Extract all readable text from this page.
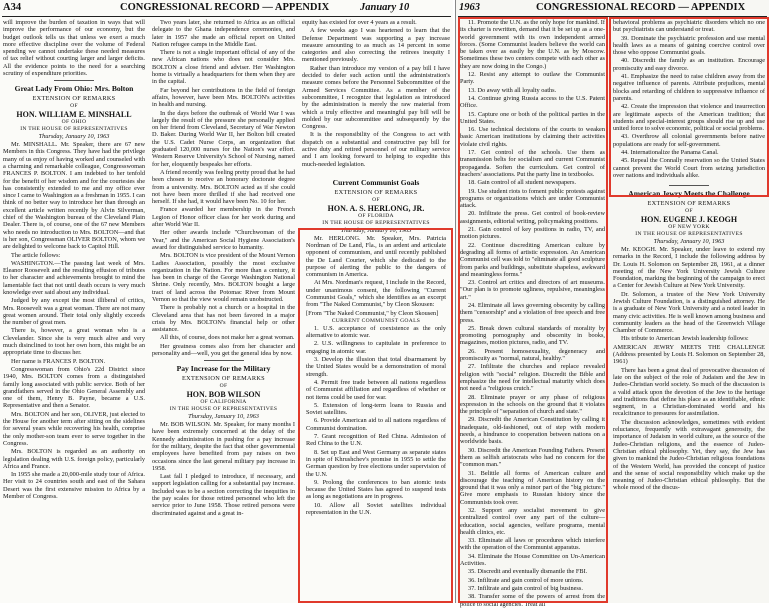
A34	CONGRESSIONAL RECORD — APPENDIX	January 10

will improve the burden of taxation in ways that will improve the performance of our economy, but the budget outlook tells us that unless we exert a much more effective discipline over the volume of Federal spending we cannot undertake these needed measures of tax relief without courting larger and larger deficits. All the evidence points to the need for a searching scrutiny of expenditure priorities.

Great Lady From Ohio: Mrs. Bolton
EXTENSION OF REMARKS
OF
HON. WILLIAM E. MINSHALL
OF OHIO
IN THE HOUSE OF REPRESENTATIVES
Thursday, January 10, 1963

Mr. MINSHALL. Mr. Speaker, there are 67 new Members in this Congress. They have had the privilege many of us enjoy of having worked and counseled with a charming and remarkable colleague, Congresswoman FRANCES P. BOLTON. I am indebted to her tenfold for the benefit of her wisdom and for the courtesies she has consistently extended to me and my office ever since I came to Washington as a freshman in 1955. I can think of no better way to introduce her than through an excellent article written recently by Alvin Silverman, chief of the Washington bureau of the Cleveland Plain Dealer. There is, of course, one of the 67 new Members who needs no introduction to Mrs. BOLTON—and that is her son, Congressman OLIVER BOLTON, whom we are delighted to welcome back to Capitol Hill.

The article follows:

WASHINGTON.—The passing last week of Mrs. Eleanor Roosevelt and the resulting effusion of tributes to her character and achievements brought to mind the lamentable fact that not until death occurs is very much knowledge ever said about any individual.

Judged by any except the most illiberal of critics, Mrs. Roosevelt was a great woman. There are not many great women around. Their total only slightly exceeds the number of great men.

There is, however, a great woman who is a Clevelander. Since she is very much alive and very much disinclined to toot her own horn, this might be an appropriate time to discuss her.

Her name is FRANCES P. BOLTON.

Congresswoman from Ohio's 22d District since 1940, Mrs. BOLTON comes from a distinguished family long associated with public service. Both of her grandfathers served in the Ohio General Assembly and one of them, Henry B. Payne, became a U.S. Representative and then a Senator.

Mrs. BOLTON and her son, OLIVER, just elected to the House for another term after sitting on the sidelines for several years while recovering his health, comprise the only mother-son team ever to serve together in the Congress.

Mrs. BOLTON is regarded as an authority on legislation dealing with U.S. foreign policy, particularly Africa and France.

In 1955 she made a 20,000-mile study tour of Africa. Her visit to 24 countries south and east of the Sahara Desert was the first extensive mission to Africa by a Member of Congress.

Two years later, she returned to Africa as an official delegate to the Ghana independence ceremonies, and later in 1957 she made an official report on United Nation refugee camps in the Middle East.

There is not a single important official of any of the new African nations who does not consider Mrs. BOLTON a close friend and adviser. Her Washington home is virtually a headquarters for them when they are in the capital.

Far beyond her contributions in the field of foreign affairs, however, have been Mrs. BOLTON's activities in health and nursing.

In the days before the outbreak of World War I was largely the result of the pressure she personally applied on her friend from Cleveland, Secretary of War Newton D. Baker. During World War II, her Bolton bill created the U.S. Cadet Nurse Corps, an organization that graduated 120,000 nurses for the Nation's war effort. Western Reserve University's School of Nursing, named for her, eloquently bespeaks her efforts.

A friend recently was feeling pretty proud that he had been chosen to receive an honorary doctorate degree from a university. Mrs. BOLTON acted as if she could not have been more thrilled if she had received one herself. If she had, it would have been No. 10 for her.

France awarded her membership in the French Legion of Honor officer class for her work during and after World War II.

Her other awards include "Churchwoman of the Year," and the American Social Hygiene Association's award for distinguished service to humanity.

Mrs. BOLTON is vice president of the Mount Vernon Ladies Association, possibly the most exclusive organization in the Nation. For more than a century, it has been in charge of the George Washington National Shrine. Only recently, Mrs. BOLTON bought a large tract of land across the Potomac River from Mount Vernon so that the view would remain unobstructed.

There is probably not a church or a hospital in the Cleveland area that has not been favored in a major crisis by Mrs. BOLTON's financial help or other assistance.

All this, of course, does not make her a great woman.

Her greatness comes also from her character and personality and—well, you get the general idea by now.

Pay Increase for the Military
EXTENSION OF REMARKS
OF
HON. BOB WILSON
OF CALIFORNIA
IN THE HOUSE OF REPRESENTATIVES
Thursday, January 10, 1963

Mr. BOB WILSON. Mr. Speaker, for many months I have been extremely concerned at the delay of the Kennedy administration in pushing for a pay increase for the military, despite the fact that other governmental employees have benefited from pay raises on two occasions since the last general military pay increase in 1958.

Last fall I pledged to introduce, if necessary, and support legislation calling for a substantial pay increase. Included was to be a section correcting the inequities in the pay scales for those retired personnel who left the service prior to June 1958. Those retired persons were discriminated against and a great in-

equity has existed for over 4 years as a result.

A few weeks ago I was heartened to learn that the Defense Department was supporting a pay increase measure amounting to as much as 14 percent in some categories and also correcting the retirees inequity I mentioned previously.

Rather than introduce my version of a pay bill I have decided to defer such action until the administration's measure comes before the Personnel Subcommittee of the Armed Services Committee. As a member of the subcommittee, I recognize that legislation as introduced by the administration is merely the raw material from which a truly effective and meaningful pay bill will be molded by our subcommittee and subsequently by the Congress.

It is the responsibility of the Congress to act with dispatch on a substantial and constructive pay bill for active duty and retired personnel of our military service and I am looking forward to helping to expedite this much-needed legislation.

Current Communist Goals
EXTENSION OF REMARKS
OF
HON. A. S. HERLONG, JR.
OF FLORIDA
IN THE HOUSE OF REPRESENTATIVES
Thursday, January 10, 1963

Mr. HERLONG. Mr. Speaker, Mrs. Patricia Nordman of De Land, Fla., is an ardent and articulate opponent of communism, and until recently published the De Land Courier, which she dedicated to the purpose of alerting the public to the dangers of communism in America.

At Mrs. Nordman's request, I include in the Record, under unanimous consent, the following "Current Communist Goals," which she identifies as an excerpt from "The Naked Communist," by Cleon Skousen:

[From "The Naked Communist," by Cleon Skousen]

CURRENT COMMUNIST GOALS

1. U.S. acceptance of coexistence as the only alternative to atomic war.

2. U.S. willingness to capitulate in preference to engaging in atomic war.

3. Develop the illusion that total disarmament by the United States would be a demonstration of moral strength.

4. Permit free trade between all nations regardless of Communist affiliation and regardless of whether or not items could be used for war.

5. Extension of long-term loans to Russia and Soviet satellites.

6. Provide American aid to all nations regardless of Communist domination.

7. Grant recognition of Red China. Admission of Red China to the U.N.

8. Set up East and West Germany as separate states in spite of Khrushchev's promise in 1955 to settle the German question by free elections under supervision of the U.N.

9. Prolong the conferences to ban atomic tests because the United States has agreed to suspend tests as long as negotiations are in progress.

10. Allow all Soviet satellites individual representation in the U.N.

1963	CONGRESSIONAL RECORD — APPENDIX

11. Promote the U.N. as the only hope for mankind. If its charter is rewritten, demand that it be set up as a one-world government with its own independent armed forces. (Some Communist leaders believe the world can be taken over as easily by the U.N. as by Moscow. Sometimes these two centers compete with each other as they are now doing in the Congo.)

12. Resist any attempt to outlaw the Communist Party.

13. Do away with all loyalty oaths.

14. Continue giving Russia access to the U.S. Patent Office.

15. Capture one or both of the political parties in the United States.

16. Use technical decisions of the courts to weaken basic American institutions by claiming their activities violate civil rights.

17. Get control of the schools. Use them as transmission belts for socialism and current Communist propaganda. Soften the curriculum. Get control of teachers' associations. Put the party line in textbooks.

18. Gain control of all student newspapers.

19. Use student riots to foment public protests against programs or organizations which are under Communist attack.

20. Infiltrate the press. Get control of book-review assignments, editorial writing, policymaking positions.

21. Gain control of key positions in radio, TV, and motion pictures.

22. Continue discrediting American culture by degrading all forms of artistic expression. An American Communist cell was told to "eliminate all good sculpture from parks and buildings, substitute shapeless, awkward and meaningless forms."

23. Control art critics and directors of art museums. "Our plan is to promote ugliness, repulsive, meaningless art."

24. Eliminate all laws governing obscenity by calling them "censorship" and a violation of free speech and free press.

25. Break down cultural standards of morality by promoting pornography and obscenity in books, magazines, motion pictures, radio, and TV.

26. Present homosexuality, degeneracy and promiscuity as "normal, natural, healthy."

27. Infiltrate the churches and replace revealed religion with "social" religion. Discredit the Bible and emphasize the need for intellectual maturity which does not need a "religious crutch."

28. Eliminate prayer or any phase of religious expression in the schools on the ground that it violates the principle of "separation of church and state."

29. Discredit the American Constitution by calling it inadequate, old-fashioned, out of step with modern needs, a hindrance to cooperation between nations on a worldwide basis.

30. Discredit the American Founding Fathers. Present them as selfish aristocrats who had no concern for the "common man."

31. Belittle all forms of American culture and discourage the teaching of American history on the ground that it was only a minor part of the "big picture." Give more emphasis to Russian history since the Communists took over.

32. Support any socialist movement to give centralized control over any part of the culture—education, social agencies, welfare programs, mental health clinics, etc.

33. Eliminate all laws or procedures which interfere with the operation of the Communist apparatus.

34. Eliminate the House Committee on Un-American Activities.

35. Discredit and eventually dismantle the FBI.

36. Infiltrate and gain control of more unions.

37. Infiltrate and gain control of big business.

38. Transfer some of the powers of arrest from the police to social agencies. Treat all

behavioral problems as psychiatric disorders which no one but psychiatrists can understand or treat.

39. Dominate the psychiatric profession and use mental health laws as a means of gaining coercive control over those who oppose Communist goals.

40. Discredit the family as an institution. Encourage promiscuity and easy divorce.

41. Emphasize the need to raise children away from the negative influence of parents. Attribute prejudices, mental blocks and retarding of children to suppressive influence of parents.

42. Create the impression that violence and insurrection are legitimate aspects of the American tradition; that students and special-interest groups should rise up and use united force to solve economic, political or social problems.

43. Overthrow all colonial governments before native populations are ready for self-government.

44. Internationalize the Panama Canal.

45. Repeal the Connally reservation so the United States cannot prevent the World Court from seizing jurisdiction over nations and individuals alike.

American Jewry Meets the Challenge
EXTENSION OF REMARKS
OF
HON. EUGENE J. KEOGH
OF NEW YORK
IN THE HOUSE OF REPRESENTATIVES
Thursday, January 10, 1963

Mr. KEOGH. Mr. Speaker, under leave to extend my remarks in the Record, I include the following address by Dr. Louis H. Solomon on September 28, 1961, at a dinner meeting of the New York University Jewish Culture Foundation, marking the beginning of the campaign to erect a Center for Jewish Culture at New York University.

Dr. Solomon, a trustee of the New York University Jewish Culture Foundation, is a distinguished attorney. He is a graduate of New York University and a noted leader in many civic activities. He is well known among business and community leaders as the head of the Greenwich Village Chamber of Commerce.

His tribute to American Jewish leadership follows:

AMERICAN JEWRY MEETS THE CHALLENGE (Address presented by Louis H. Solomon on September 28, 1961)

There has been a great deal of provocative discussion of late on the subject of the role of Judaism and the Jew in Judeo-Christian world society. So much of the discussion is a valid attack upon the devotion of the Jew to the heritage and traditions that define his place as an identifiable, ethnic segment, in a Christian-dominated world and his recalcitrance to pressures for assimilation.

The discussion acknowledges, sometimes with evident reluctance, frequently with extravagant generosity, the importance of Judaism in world culture, as the source of the Judeo-Christian religions, and the essence of Judeo-Christian ethical philosophy. Yet, they say, the Jew has given to mankind the Judeo-Christian religious foundations of the Western World, has provided the concept of justice and the sense of social responsibility which make up the meaning of Judeo-Christian ethical philosophy. But the whole mood of the discus-
